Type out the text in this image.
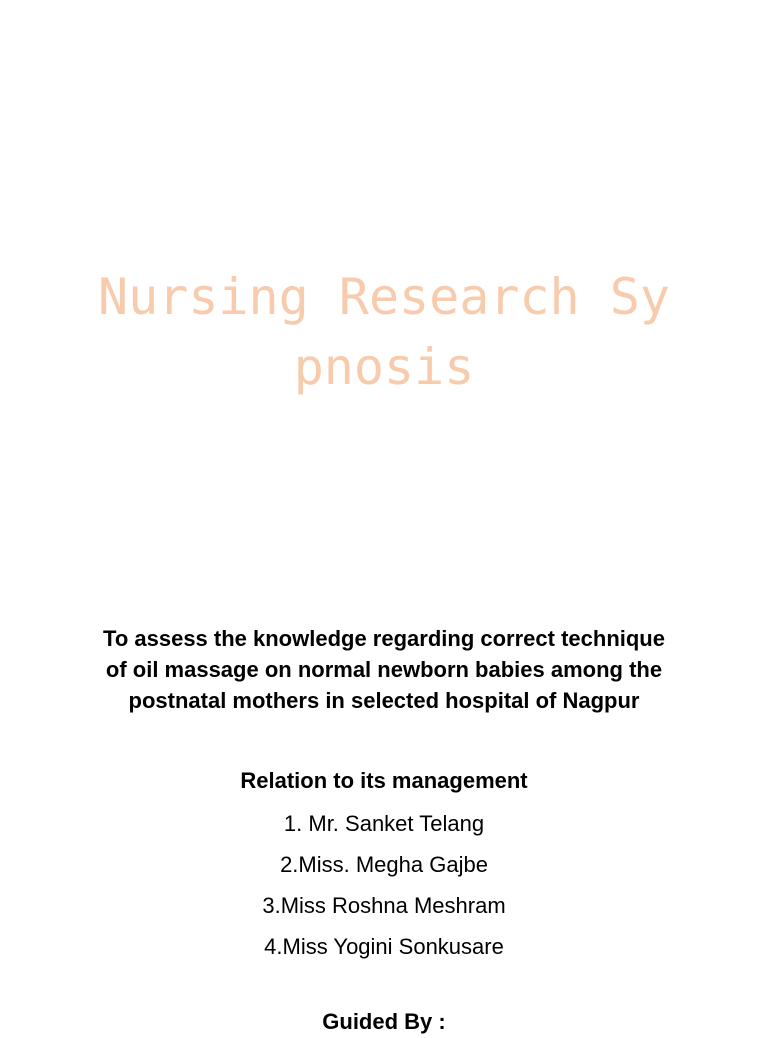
Nursing Research Sy
pnosis
To assess the knowledge regarding correct technique
of oil massage on normal newborn babies among the
postnatal mothers in selected hospital of Nagpur
Relation to its management
1. Mr. Sanket Telang
2.Miss. Megha Gajbe
3.Miss Roshna Meshram
4.Miss Yogini Sonkusare
Guided By :
